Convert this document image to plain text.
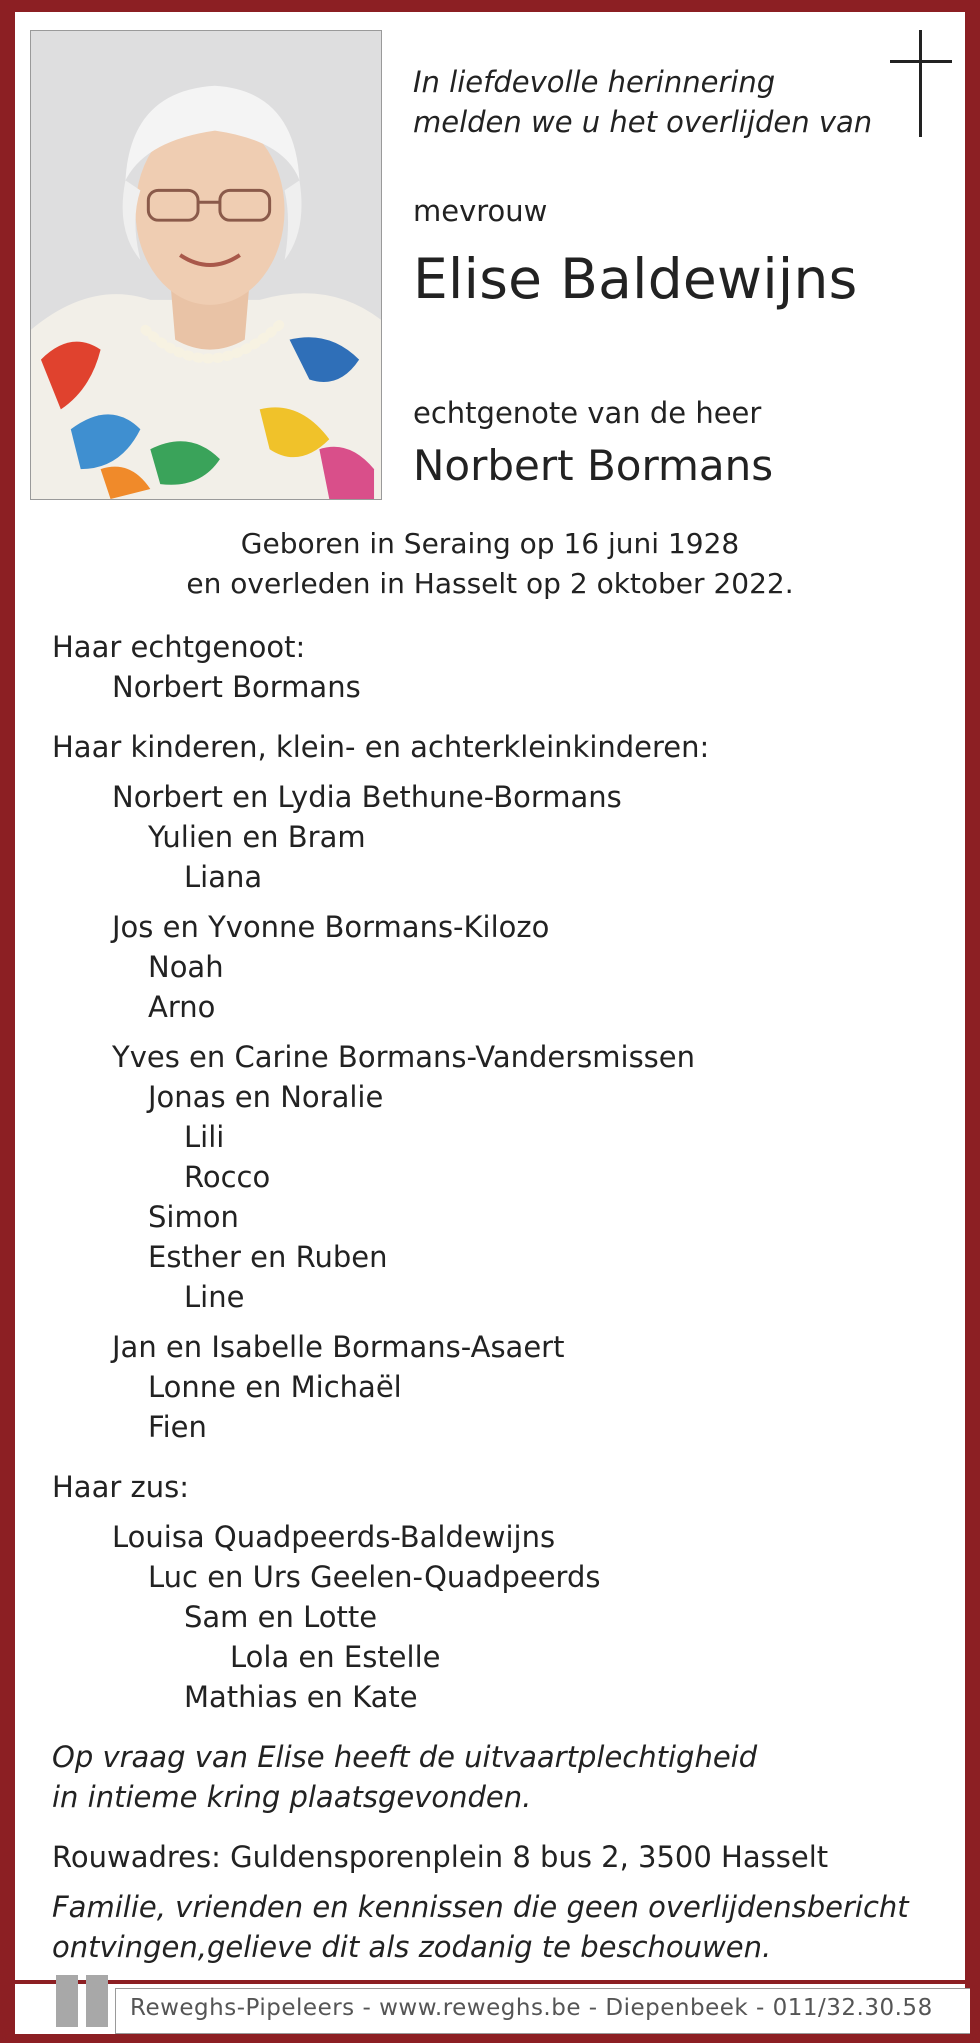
In liefdevolle herinnering
melden we u het overlijden van
mevrouw
Elise Baldewijns
echtgenote van de heer
Norbert Bormans
Geboren in Seraing op 16 juni 1928
en overleden in Hasselt op 2 oktober 2022.
Haar echtgenoot:
Norbert Bormans
Haar kinderen, klein- en achterkleinkinderen:
Norbert en Lydia Bethune-Bormans
Yulien en Bram
Liana
Jos en Yvonne Bormans-Kilozo
Noah
Arno
Yves en Carine Bormans-Vandersmissen
Jonas en Noralie
Lili
Rocco
Simon
Esther en Ruben
Line
Jan en Isabelle Bormans-Asaert
Lonne en Michaël
Fien
Haar zus:
Louisa Quadpeerds-Baldewijns
Luc en Urs Geelen-Quadpeerds
Sam en Lotte
Lola en Estelle
Mathias en Kate
Op vraag van Elise heeft de uitvaartplechtigheid
in intieme kring plaatsgevonden.
Rouwadres: Guldensporenplein 8 bus 2, 3500 Hasselt
Familie, vrienden en kennissen die geen overlijdensbericht
ontvingen,gelieve dit als zodanig te beschouwen.
Reweghs-Pipeleers - www.reweghs.be - Diepenbeek - 011/32.30.58
